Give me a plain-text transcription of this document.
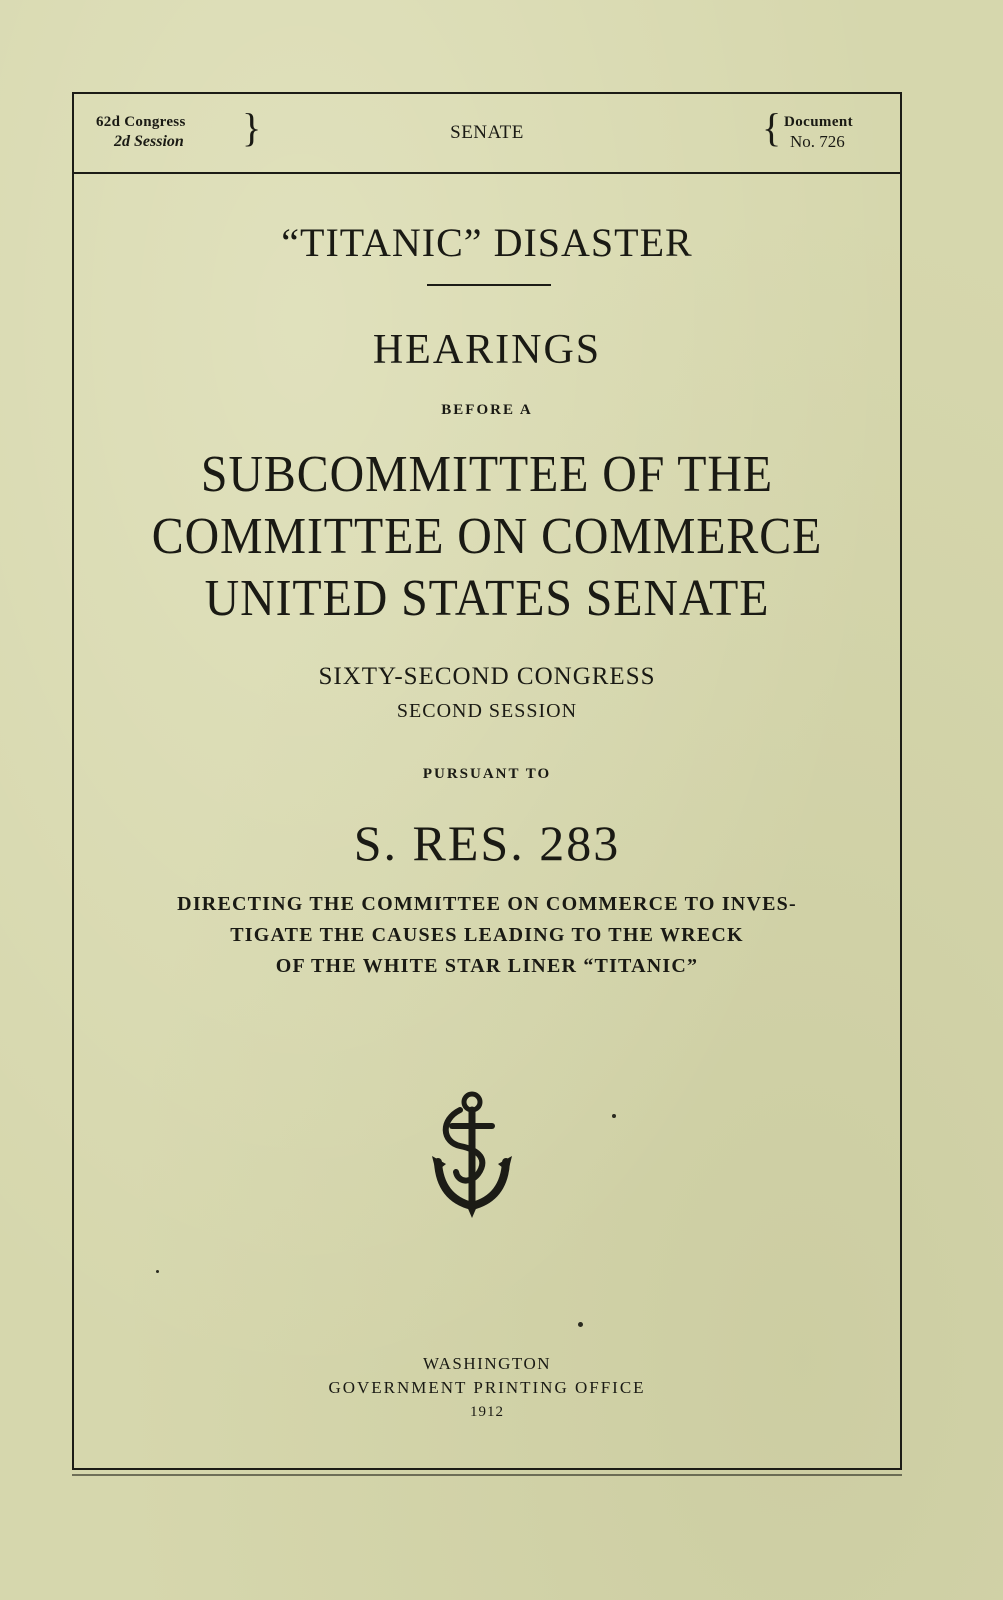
62d Congress
2d Session }	SENATE	{ Document
No. 726
“TITANIC” DISASTER
HEARINGS
BEFORE A
SUBCOMMITTEE OF THE
COMMITTEE ON COMMERCE
UNITED STATES SENATE
SIXTY-SECOND CONGRESS
SECOND SESSION
PURSUANT TO
S. RES. 283
DIRECTING THE COMMITTEE ON COMMERCE TO INVES-
TIGATE THE CAUSES LEADING TO THE WRECK
OF THE WHITE STAR LINER “TITANIC”
WASHINGTON
GOVERNMENT PRINTING OFFICE
1912
